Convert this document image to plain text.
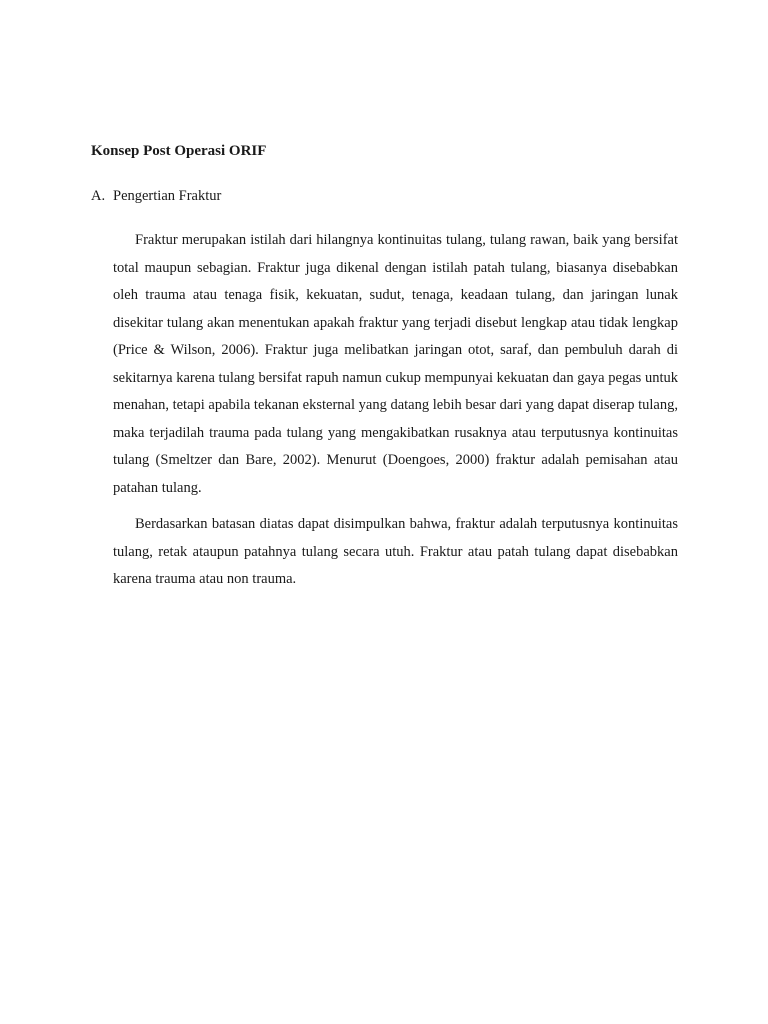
Konsep Post Operasi ORIF
A. Pengertian Fraktur

Fraktur merupakan istilah dari hilangnya kontinuitas tulang, tulang rawan, baik yang bersifat total maupun sebagian. Fraktur juga dikenal dengan istilah patah tulang, biasanya disebabkan oleh trauma atau tenaga fisik, kekuatan, sudut, tenaga, keadaan tulang, dan jaringan lunak disekitar tulang akan menentukan apakah fraktur yang terjadi disebut lengkap atau tidak lengkap (Price & Wilson, 2006). Fraktur juga melibatkan jaringan otot, saraf, dan pembuluh darah di sekitarnya karena tulang bersifat rapuh namun cukup mempunyai kekuatan dan gaya pegas untuk menahan, tetapi apabila tekanan eksternal yang datang lebih besar dari yang dapat diserap tulang, maka terjadilah trauma pada tulang yang mengakibatkan rusaknya atau terputusnya kontinuitas tulang (Smeltzer dan Bare, 2002). Menurut (Doengoes, 2000) fraktur adalah pemisahan atau patahan tulang.

Berdasarkan batasan diatas dapat disimpulkan bahwa, fraktur adalah terputusnya kontinuitas tulang, retak ataupun patahnya tulang secara utuh. Fraktur atau patah tulang dapat disebabkan karena trauma atau non trauma.
